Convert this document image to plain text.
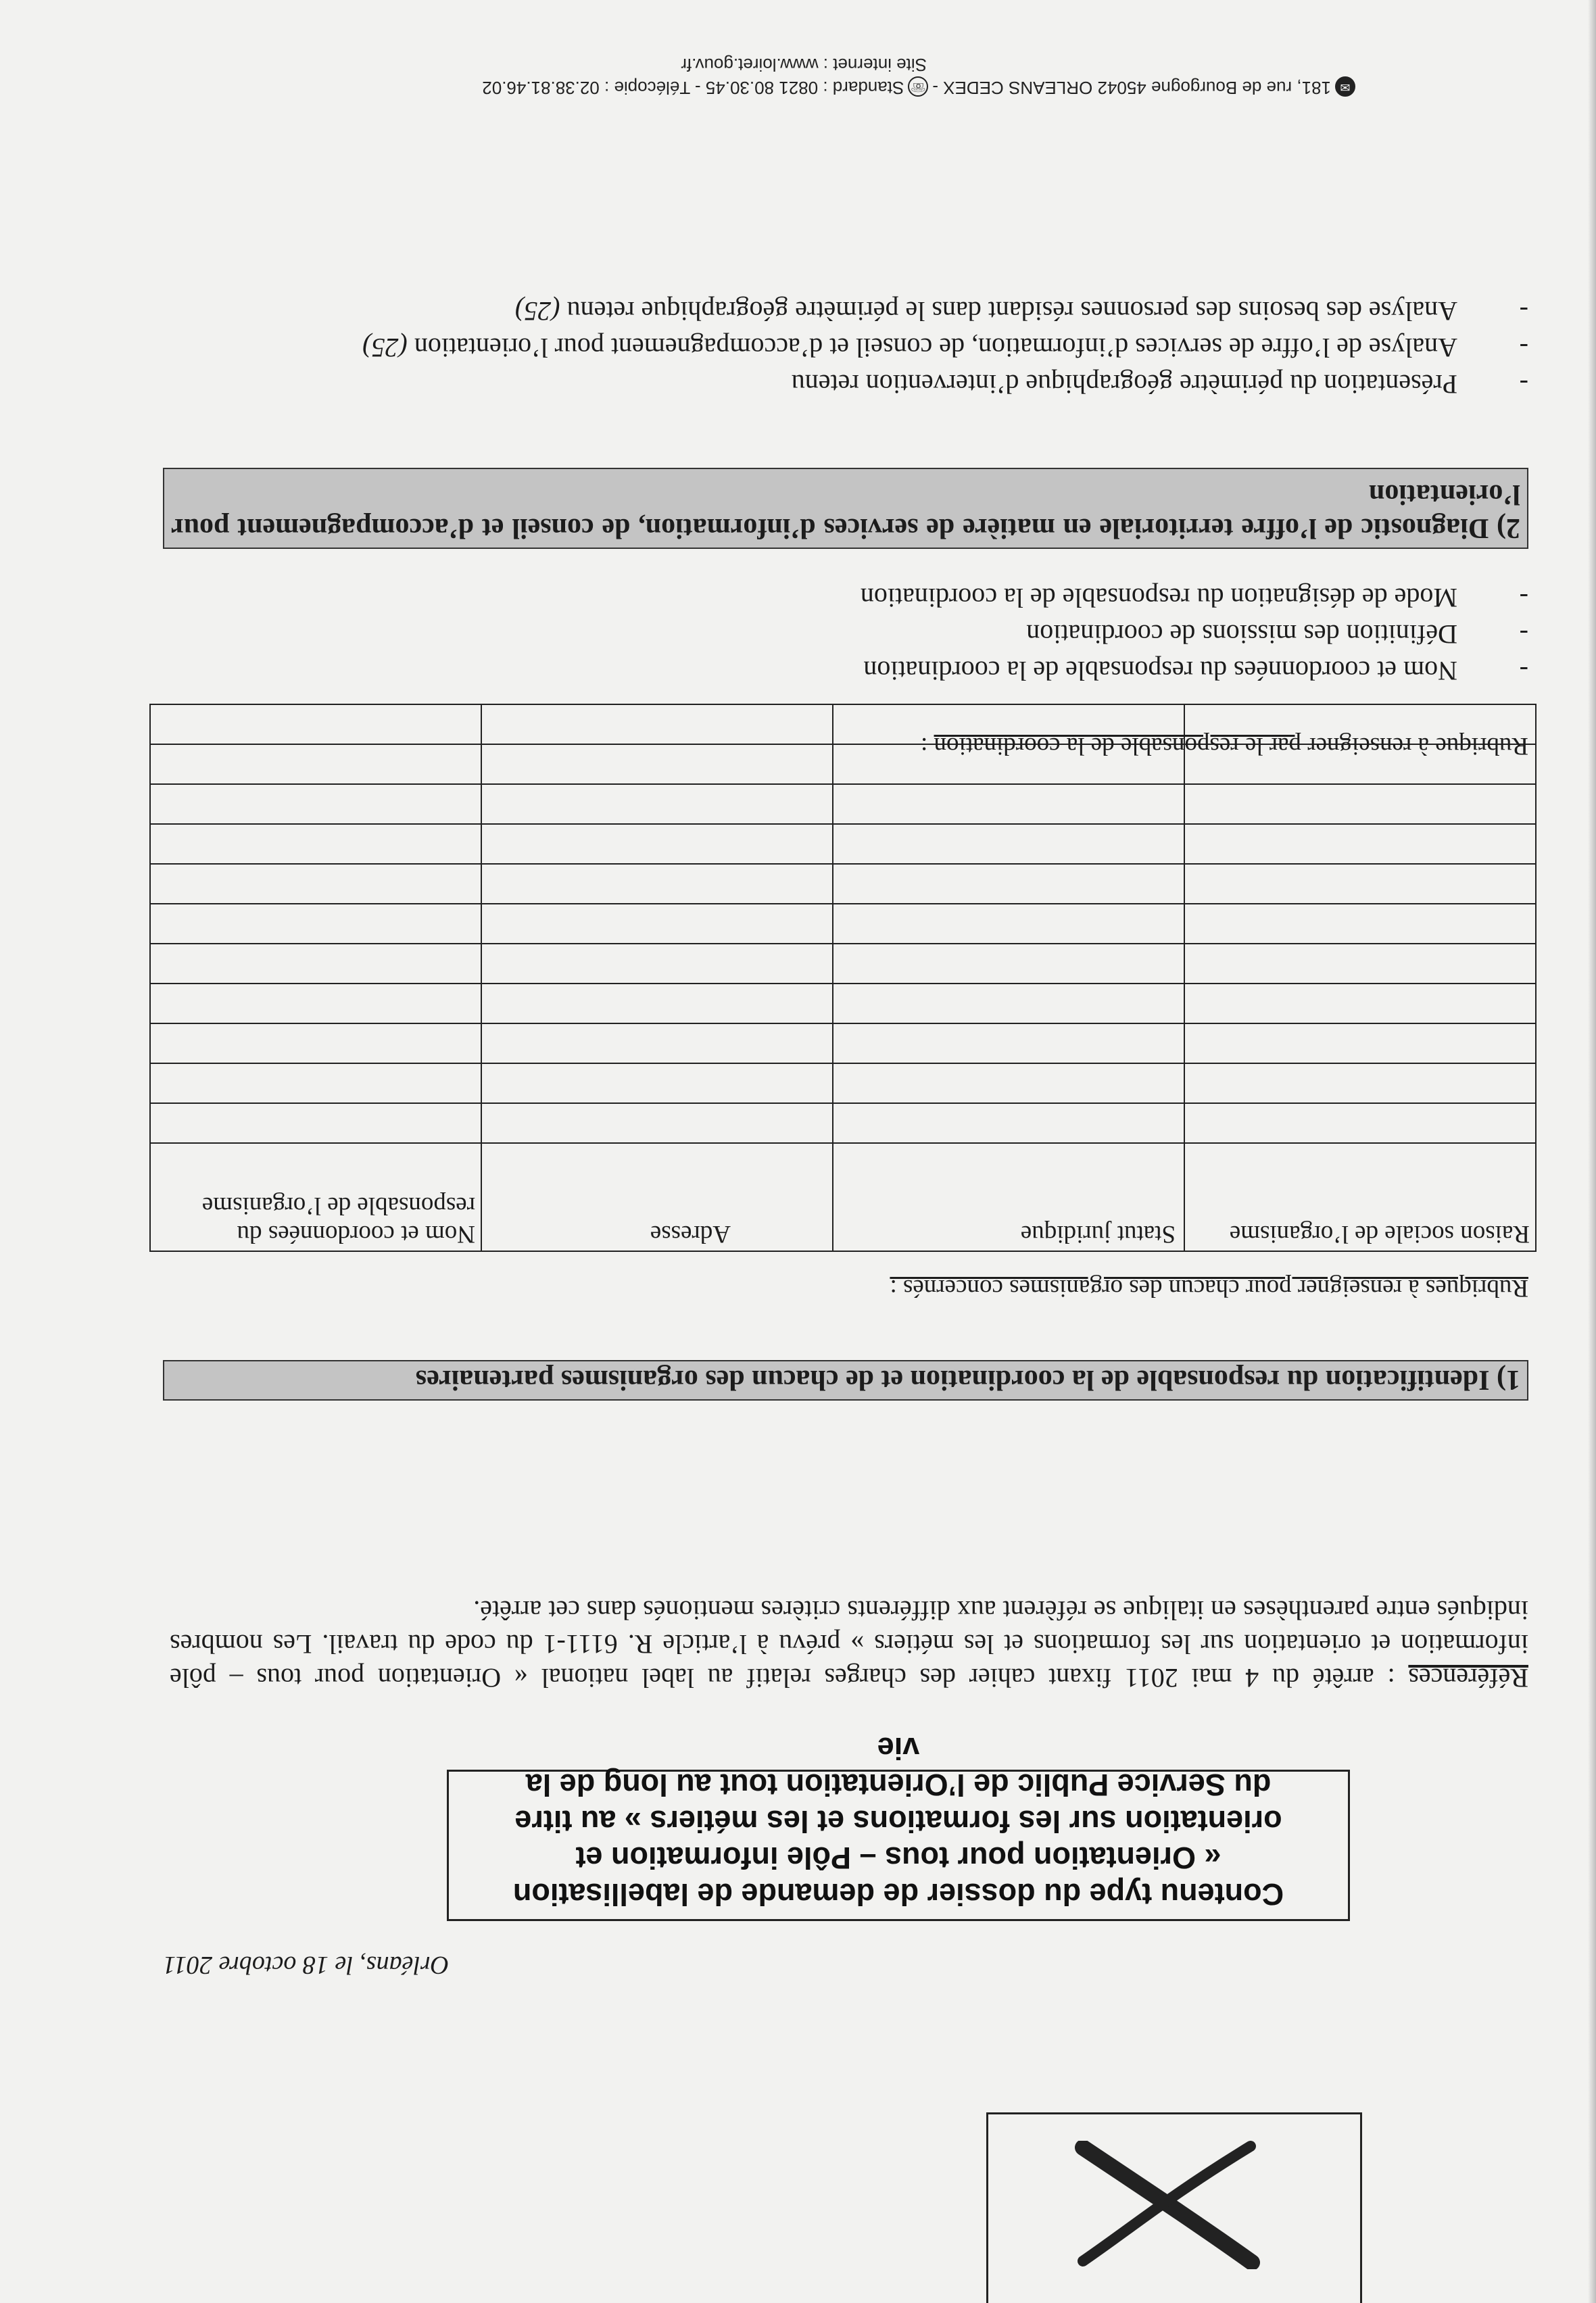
Orléans, le 18 octobre 2011
Contenu type du dossier de demande de labellisation
« Orientation pour tous – Pôle information et
orientation sur les formations et les métiers » au titre
du Service Public de l’Orientation tout au long de la
vie
Références : arrêté du 4 mai 2011 fixant cahier des charges relatif au label national « Orientation pour tous – pôle information et orientation sur les formations et les métiers » prévu à l’article R. 6111-1 du code du travail. Les nombres indiqués entre parenthèses en italique se réfèrent aux différents critères mentionés dans cet arrêté.
1) Identification du responsable de la coordination et de chacun des organismes partenaires
Rubriques à renseigner pour chacun des organismes concernés :
Raison sociale de l’organisme	Statut juridique	Adresse	Nom et coordonnées du responsable de l’organisme

Rubrique à renseigner par le responsable de la coordination :
-
Nom et coordonnées du responsable de la coordination
-
Définition des missions de coordination
-
Mode de désignation du responsable de la coordination
2) Diagnostic de l’offre territoriale en matière de services d’information, de conseil et d’accompagnement pour l’orientation
-
Présentation du périmètre géographique d’intervention retenu
-
Analyse de l’offre de services d’information, de conseil et d’accompagnement pour l’orientation (25)
-
Analyse des besoins des personnes résidant dans le périmètre géographique retenu (25)
✉181, rue de Bourgogne 45042 ORLEANS CEDEX -☏Standard : 0821 80.30.45 - Télécopie : 02.38.81.46.02
Site internet : www.loiret.gouv.fr
